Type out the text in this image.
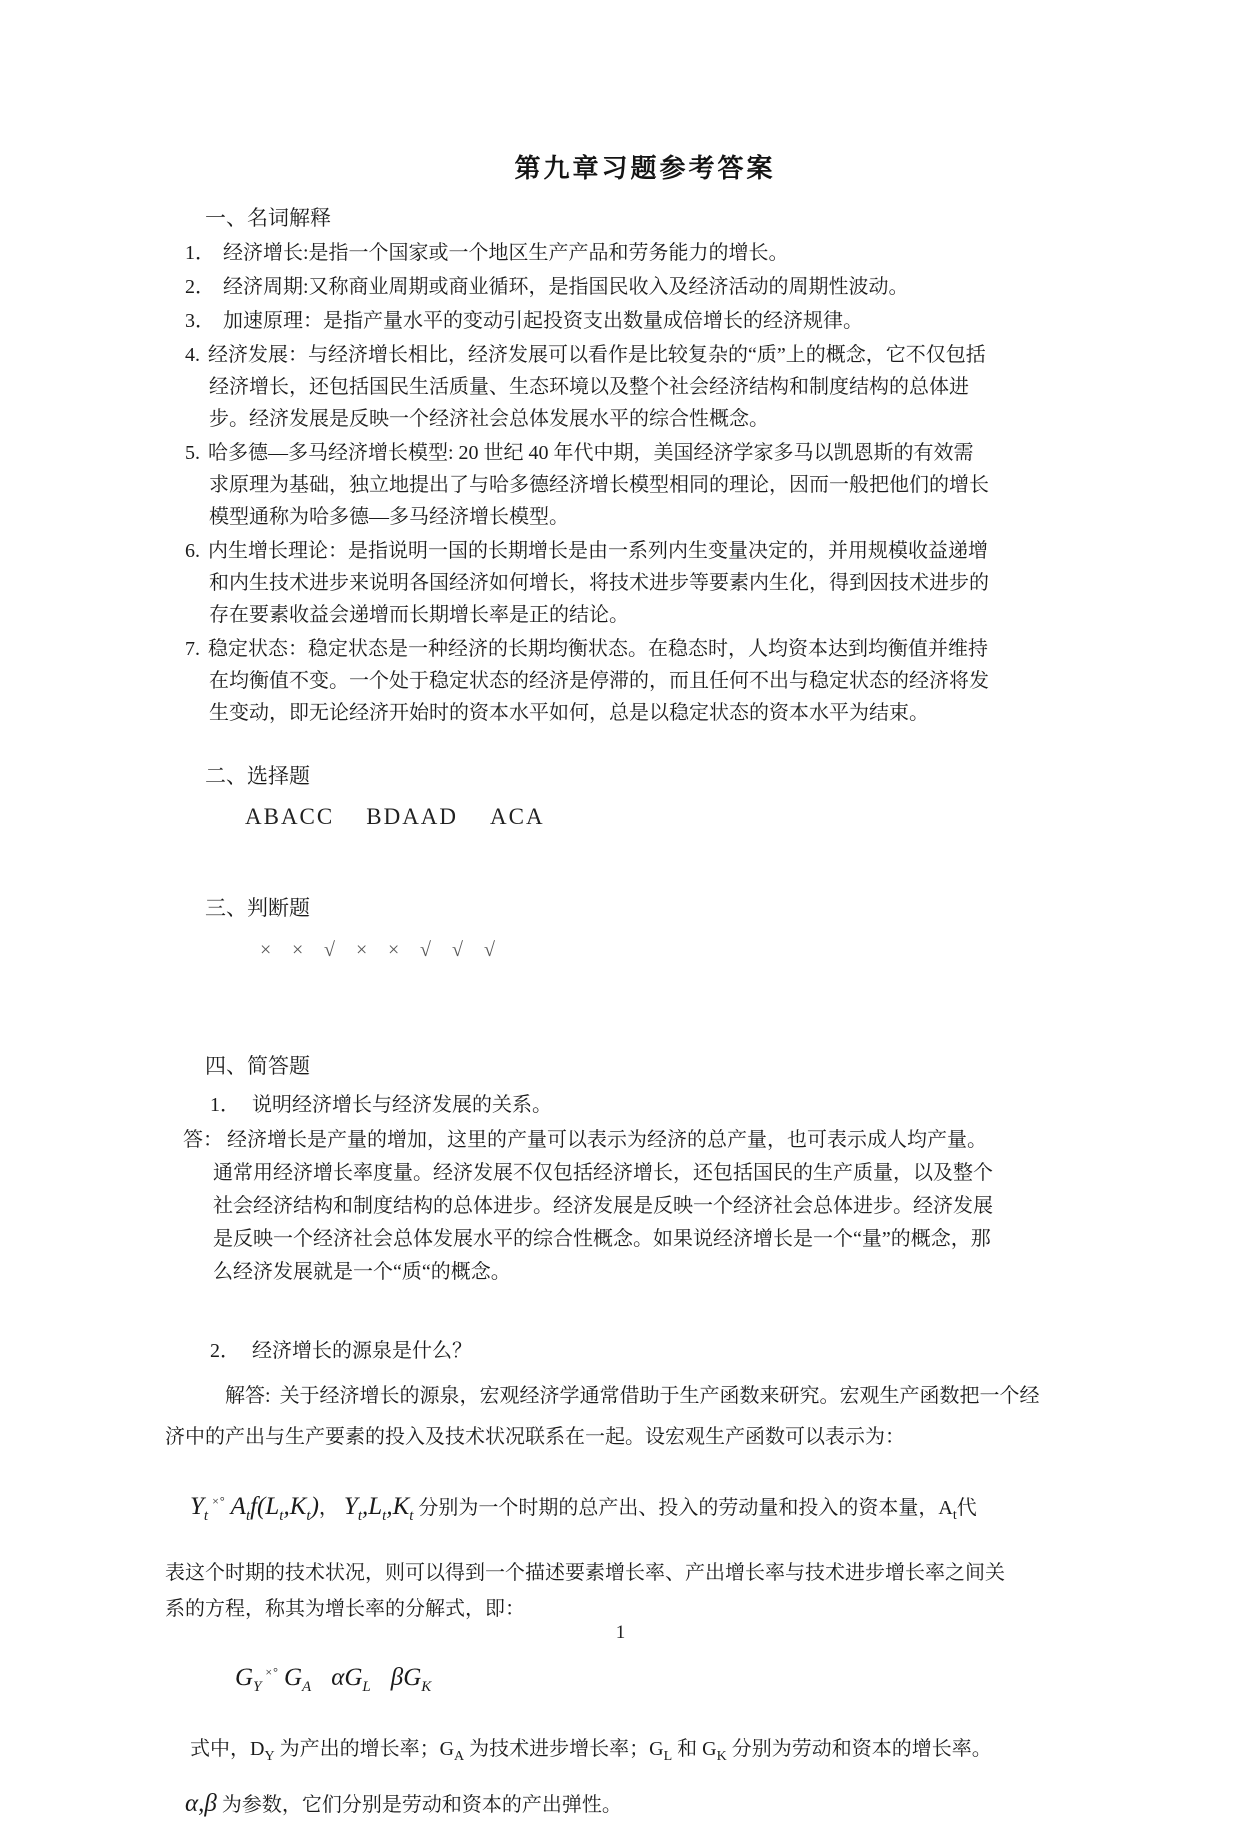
第九章习题参考答案
一、名词解释

1． 经济增长:是指一个国家或一个地区生产产品和劳务能力的增长。

2． 经济周期:又称商业周期或商业循环，是指国民收入及经济活动的周期性波动。

3． 加速原理：是指产量水平的变动引起投资支出数量成倍增长的经济规律。

4. 经济发展：与经济增长相比，经济发展可以看作是比较复杂的“质”上的概念，它不仅包括经济增长，还包括国民生活质量、生态环境以及整个社会经济结构和制度结构的总体进步。经济发展是反映一个经济社会总体发展水平的综合性概念。

5. 哈多德—多马经济增长模型: 20 世纪 40 年代中期，美国经济学家多马以凯恩斯的有效需求原理为基础，独立地提出了与哈多德经济增长模型相同的理论，因而一般把他们的增长模型通称为哈多德—多马经济增长模型。

6. 内生增长理论：是指说明一国的长期增长是由一系列内生变量决定的，并用规模收益递增和内生技术进步来说明各国经济如何增长，将技术进步等要素内生化，得到因技术进步的存在要素收益会递增而长期增长率是正的结论。

7. 稳定状态：稳定状态是一种经济的长期均衡状态。在稳态时，人均资本达到均衡值并维持在均衡值不变。一个处于稳定状态的经济是停滞的，而且任何不出与稳定状态的经济将发生变动，即无论经济开始时的资本水平如何，总是以稳定状态的资本水平为结束。

二、选择题

ABACC BDAAD ACA

三、判断题

× × √ × × √ √ √

四、简答题

1． 说明经济增长与经济发展的关系。

答： 经济增长是产量的增加，这里的产量可以表示为经济的总产量，也可表示成人均产量。通常用经济增长率度量。经济发展不仅包括经济增长，还包括国民的生产质量，以及整个社会经济结构和制度结构的总体进步。经济发展是反映一个经济社会总体进步。经济发展是反映一个经济社会总体发展水平的综合性概念。如果说经济增长是一个“量”的概念，那么经济发展就是一个“质“的概念。

2． 经济增长的源泉是什么？

解答: 关于经济增长的源泉，宏观经济学通常借助于生产函数来研究。宏观生产函数把一个经济中的产出与生产要素的投入及技术状况联系在一起。设宏观生产函数可以表示为：

$Y_t^{\times^\circ}$ $A_tf(L_t,K_t)$， $Y_t,L_t,K_t$ 分别为一个时期的总产出、投入的劳动量和投入的资本量，$A_t$代

表这个时期的技术状况，则可以得到一个描述要素增长率、产出增长率与技术进步增长率之间关系的方程，称其为增长率的分解式，即：

$G_Y^{\times^\circ}$ $G_A$ $\alpha G_L$ $\beta G_K$

式中，$D_Y$ 为产出的增长率；$G_A$ 为技术进步增长率；$G_L$ 和 $G_K$ 分别为劳动和资本的增长率。

α,β 为参数，它们分别是劳动和资本的产出弹性。

1
